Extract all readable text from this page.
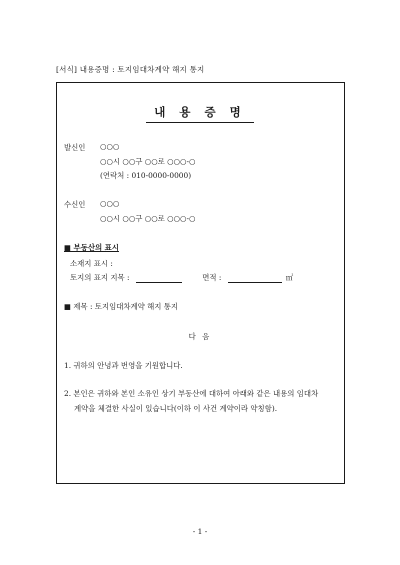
[서식] 내용증명 : 토지임대차계약 해지 통지
내 용 증 명
발신인 ○○○
○○시 ○○구 ○○로 ○○○-○
(연락처 : 010-0000-0000)
수신인 ○○○
○○시 ○○구 ○○로 ○○○-○
■ 부동산의 표시
소재지 표시 :
토지의 표지 지목 :	면적 :	㎡
■ 제목 : 토지임대차계약 해지 통지
다 음
1. 귀하의 안녕과 번영을 기원합니다.
2. 본인은 귀하와 본인 소유인 상기 부동산에 대하여 아래와 같은 내용의 임대차
계약을 체결한 사실이 있습니다(이하 이 사건 계약이라 약칭함).
- 1 -
